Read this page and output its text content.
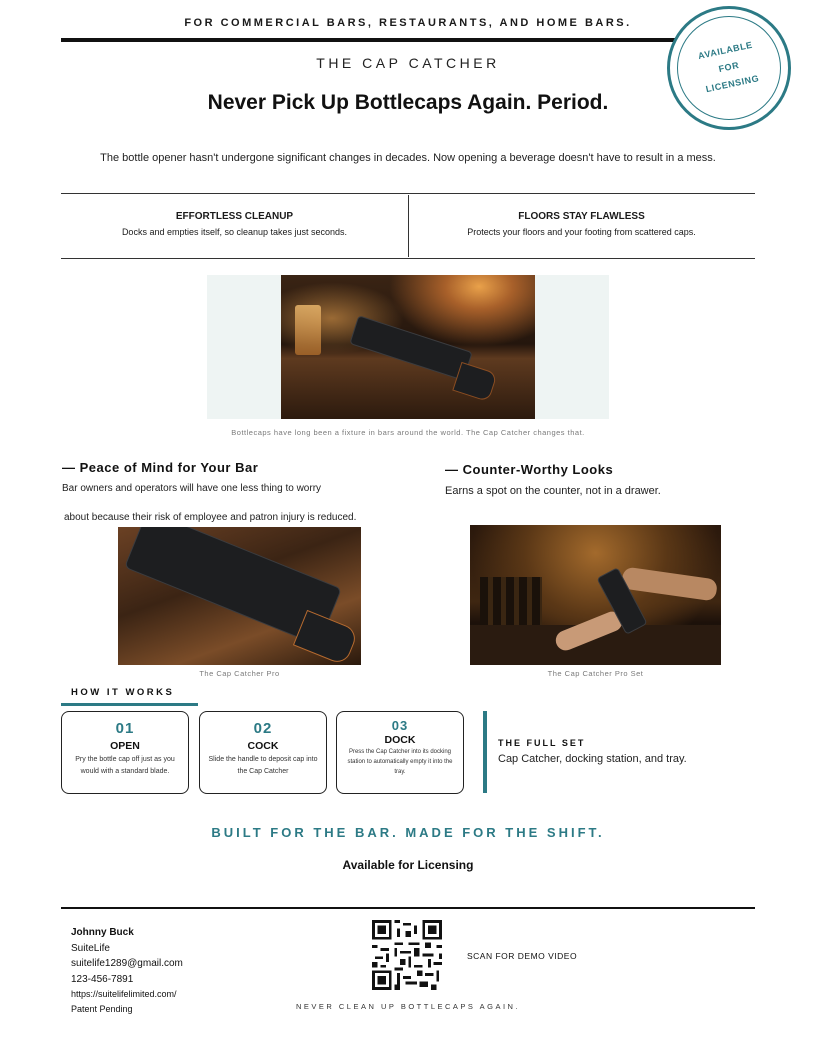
FOR COMMERCIAL BARS, RESTAURANTS, AND HOME BARS.
AVAILABLE
FOR
LICENSING
THE CAP CATCHER
Never Pick Up Bottlecaps Again. Period.
The bottle opener hasn't undergone significant changes in decades. Now opening a beverage doesn't have to result in a mess.
EFFORTLESS CLEANUP
Docks and empties itself, so cleanup takes just seconds.
FLOORS STAY FLAWLESS
Protects your floors and your footing from scattered caps.
Bottlecaps have long been a fixture in bars around the world. The Cap Catcher changes that.
— Peace of Mind for Your Bar
Bar owners and operators will have one less thing to worry
about because their risk of employee and patron injury is reduced.
The Cap Catcher Pro
— Counter-Worthy Looks
Earns a spot on the counter, not in a drawer.
The Cap Catcher Pro Set
HOW IT WORKS
01
OPEN
Pry the bottle cap off just as you would with a standard blade.
02
COCK
Slide the handle to deposit cap into the Cap Catcher
03
DOCK
Press the Cap Catcher into its docking station to automatically empty it into the tray.
THE FULL SET
Cap Catcher, docking station, and tray.
BUILT FOR THE BAR. MADE FOR THE SHIFT.
Available for Licensing
Johnny Buck
SuiteLife
suitelife1289@gmail.com
123-456-7891
https://suitelifelimited.com/
Patent Pending
SCAN FOR DEMO VIDEO
NEVER CLEAN UP BOTTLECAPS AGAIN.
